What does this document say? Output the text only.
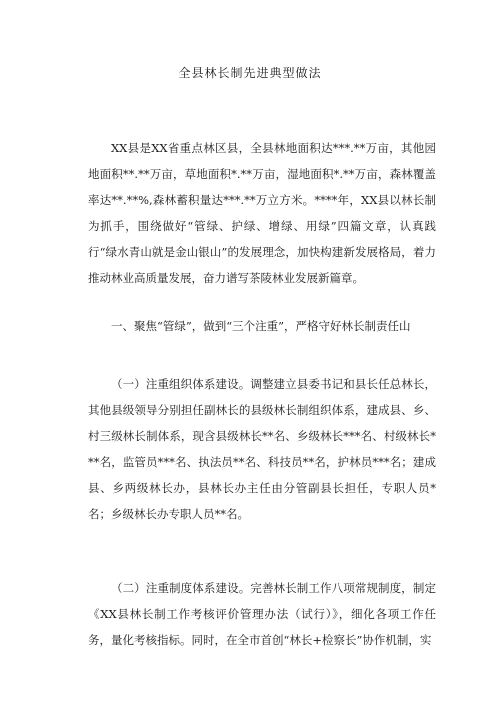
全县林长制先进典型做法

XX县是XX省重点林区县，全县林地面积达***.**万亩，其他园地面积**.**万亩，草地面积*.**万亩，湿地面积*.**万亩，森林覆盖率达**.**%,森林蓄积量达***.**万立方米。****年，XX县以林长制为抓手，围绕做好“管绿、护绿、增绿、用绿”四篇文章，认真践行“绿水青山就是金山银山”的发展理念，加快构建新发展格局，着力推动林业高质量发展，奋力谱写茶陵林业发展新篇章。

一、聚焦“管绿”，做到“三个注重”，严格守好林长制责任山

（一）注重组织体系建设。调整建立县委书记和县长任总林长，其他县级领导分别担任副林长的县级林长制组织体系，建成县、乡、村三级林长制体系，现含县级林长**名、乡级林长***名、村级林长***名，监管员***名、执法员**名、科技员**名，护林员***名；建成县、乡两级林长办，县林长办主任由分管副县长担任，专职人员*名；乡级林长办专职人员**名。

（二）注重制度体系建设。完善林长制工作八项常规制度，制定《XX县林长制工作考核评价管理办法（试行）》，细化各项工作任务，量化考核指标。同时，在全市首创“林长+检察长”协作机制，实
